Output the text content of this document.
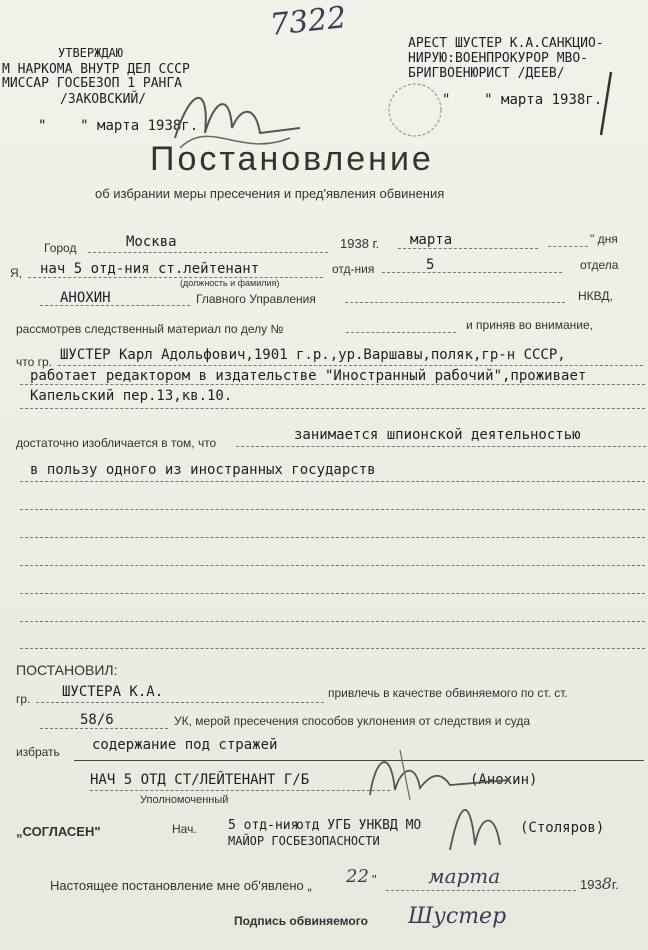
7322
УТВЕРЖДАЮ
М НАРКОМА ВНУТР ДЕЛ СССР
МИССАР ГОСБЕЗОП 1 РАНГА
/ЗАКОВСКИЙ/
" " марта 1938г.
АРЕСТ ШУСТЕР К.А.САНКЦИО-
НИРУЮ:ВОЕНПРОКУРОР МВО-
БРИГВОЕНЮРИСТ /ДЕЕВ/
" " марта 1938г.
Постановление
об избрании меры пресечения и пред'явления обвинения
Город	Москва	1938 г. марта	" дня
Я, нач 5 отд-ния ст.лейтенант
(должность и фамилия)
отд-ния	5	отдела
АНОХИН	Главного Управления	НКВД,
рассмотрев следственный материал по делу №	и приняв во внимание,
что гр. ШУСТЕР Карл Адольфович,1901 г.р.,ур.Варшавы,поляк,гр-н СССР,
работает редактором в издательстве "Иностранный рабочий",проживает
Капельский пер.13,кв.10.
достаточно изобличается в том, что	занимается шпионской деятельностью
в пользу одного из иностранных государств
ПОСТАНОВИЛ:
гр. ШУСТЕРА К.А.	привлечь в качестве обвиняемого по ст. ст.
58/6	УК, мерой пресечения способов уклонения от следствия и суда
избрать содержание под стражей
НАЧ 5 ОТД СТ/ЛЕЙТЕНАНТ Г/Б	(Анохин)
Уполномоченный
„СОГЛАСЕН"	Нач. 5 отд-ния
отд УГБ УНКВД МО
МАЙОР ГОСБЕЗОПАСНОСТИ
(Столяров)
Настоящее постановление мне об'явлено „ 22 "	марта	1938г.
Подпись обвиняемого Шустер
